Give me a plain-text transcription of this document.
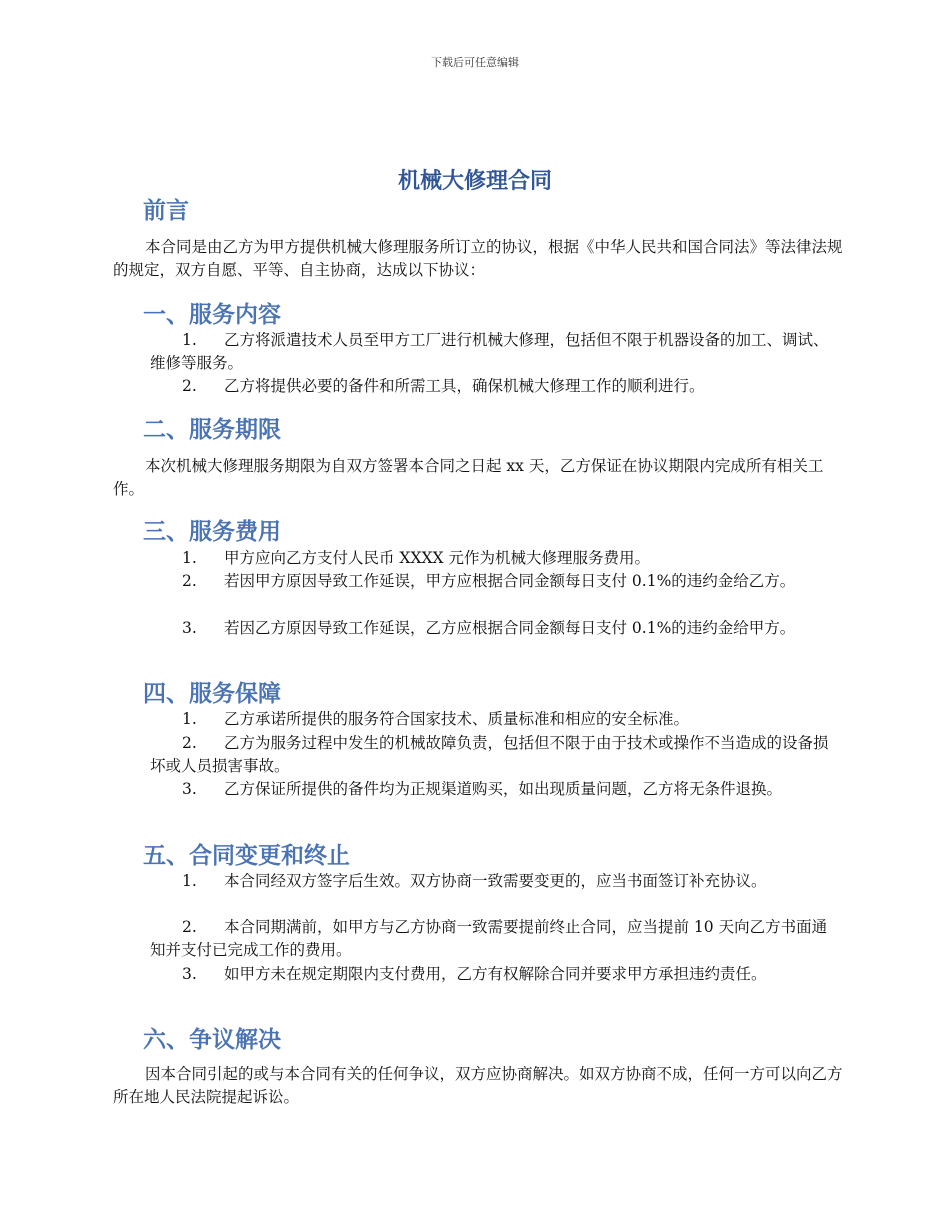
下载后可任意编辑
机械大修理合同
前言

本合同是由乙方为甲方提供机械大修理服务所订立的协议，根据《中华人民共和国合同法》等法律法规的规定，双方自愿、平等、自主协商，达成以下协议：

一、服务内容

1. 乙方将派遣技术人员至甲方工厂进行机械大修理，包括但不限于机器设备的加工、调试、维修等服务。

2. 乙方将提供必要的备件和所需工具，确保机械大修理工作的顺利进行。

二、服务期限

本次机械大修理服务期限为自双方签署本合同之日起 xx 天，乙方保证在协议期限内完成所有相关工作。

三、服务费用

1. 甲方应向乙方支付人民币 XXXX 元作为机械大修理服务费用。

2. 若因甲方原因导致工作延误，甲方应根据合同金额每日支付 0.1%的违约金给乙方。

3. 若因乙方原因导致工作延误，乙方应根据合同金额每日支付 0.1%的违约金给甲方。

四、服务保障

1. 乙方承诺所提供的服务符合国家技术、质量标准和相应的安全标准。

2. 乙方为服务过程中发生的机械故障负责，包括但不限于由于技术或操作不当造成的设备损坏或人员损害事故。

3. 乙方保证所提供的备件均为正规渠道购买，如出现质量问题，乙方将无条件退换。

五、合同变更和终止

1. 本合同经双方签字后生效。双方协商一致需要变更的，应当书面签订补充协议。

2. 本合同期满前，如甲方与乙方协商一致需要提前终止合同，应当提前 10 天向乙方书面通知并支付已完成工作的费用。

3. 如甲方未在规定期限内支付费用，乙方有权解除合同并要求甲方承担违约责任。

六、争议解决

因本合同引起的或与本合同有关的任何争议，双方应协商解决。如双方协商不成，任何一方可以向乙方所在地人民法院提起诉讼。
